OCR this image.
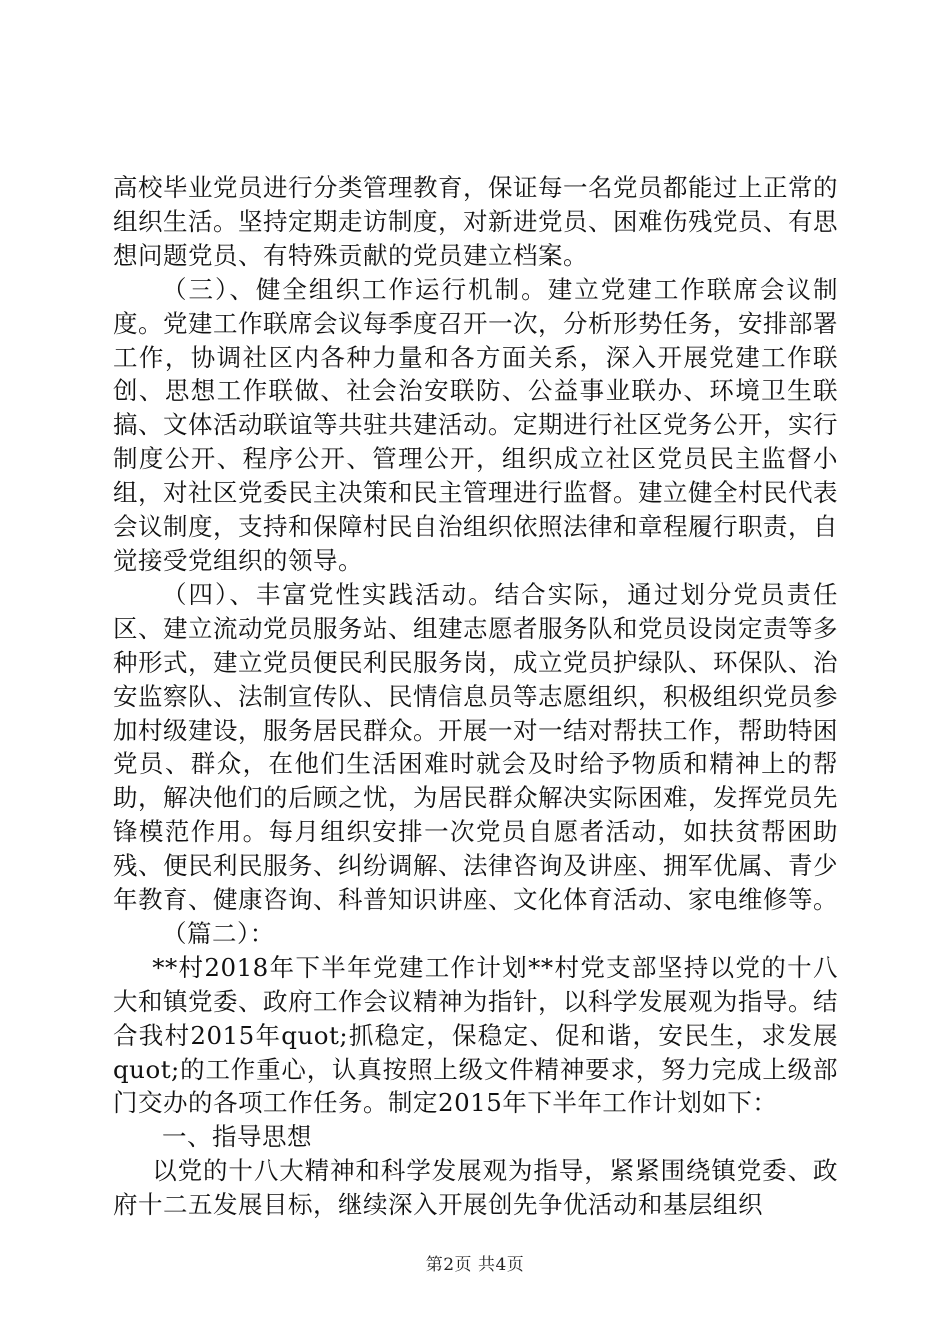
高校毕业党员进行分类管理教育，保证每一名党员都能过上正常的组织生活。坚持定期走访制度，对新进党员、困难伤残党员、有思想问题党员、有特殊贡献的党员建立档案。

（三）、健全组织工作运行机制。建立党建工作联席会议制度。党建工作联席会议每季度召开一次，分析形势任务，安排部署工作，协调社区内各种力量和各方面关系，深入开展党建工作联创、思想工作联做、社会治安联防、公益事业联办、环境卫生联搞、文体活动联谊等共驻共建活动。定期进行社区党务公开，实行制度公开、程序公开、管理公开，组织成立社区党员民主监督小组，对社区党委民主决策和民主管理进行监督。建立健全村民代表会议制度，支持和保障村民自治组织依照法律和章程履行职责，自觉接受党组织的领导。

（四）、丰富党性实践活动。结合实际，通过划分党员责任区、建立流动党员服务站、组建志愿者服务队和党员设岗定责等多种形式，建立党员便民利民服务岗，成立党员护绿队、环保队、治安监察队、法制宣传队、民情信息员等志愿组织，积极组织党员参加村级建设，服务居民群众。开展一对一结对帮扶工作，帮助特困党员、群众，在他们生活困难时就会及时给予物质和精神上的帮助，解决他们的后顾之忧，为居民群众解决实际困难，发挥党员先锋模范作用。每月组织安排一次党员自愿者活动，如扶贫帮困助残、便民利民服务、纠纷调解、法律咨询及讲座、拥军优属、青少年教育、健康咨询、科普知识讲座、文化体育活动、家电维修等。

（篇二）：

**村2018年下半年党建工作计划**村党支部坚持以党的十八大和镇党委、政府工作会议精神为指针，以科学发展观为指导。结合我村2015年quot;抓稳定，保稳定、促和谐，安民生，求发展quot;的工作重心，认真按照上级文件精神要求，努力完成上级部门交办的各项工作任务。制定2015年下半年工作计划如下：

一、指导思想

以党的十八大精神和科学发展观为指导，紧紧围绕镇党委、政府十二五发展目标，继续深入开展创先争优活动和基层组织

第2页 共4页
